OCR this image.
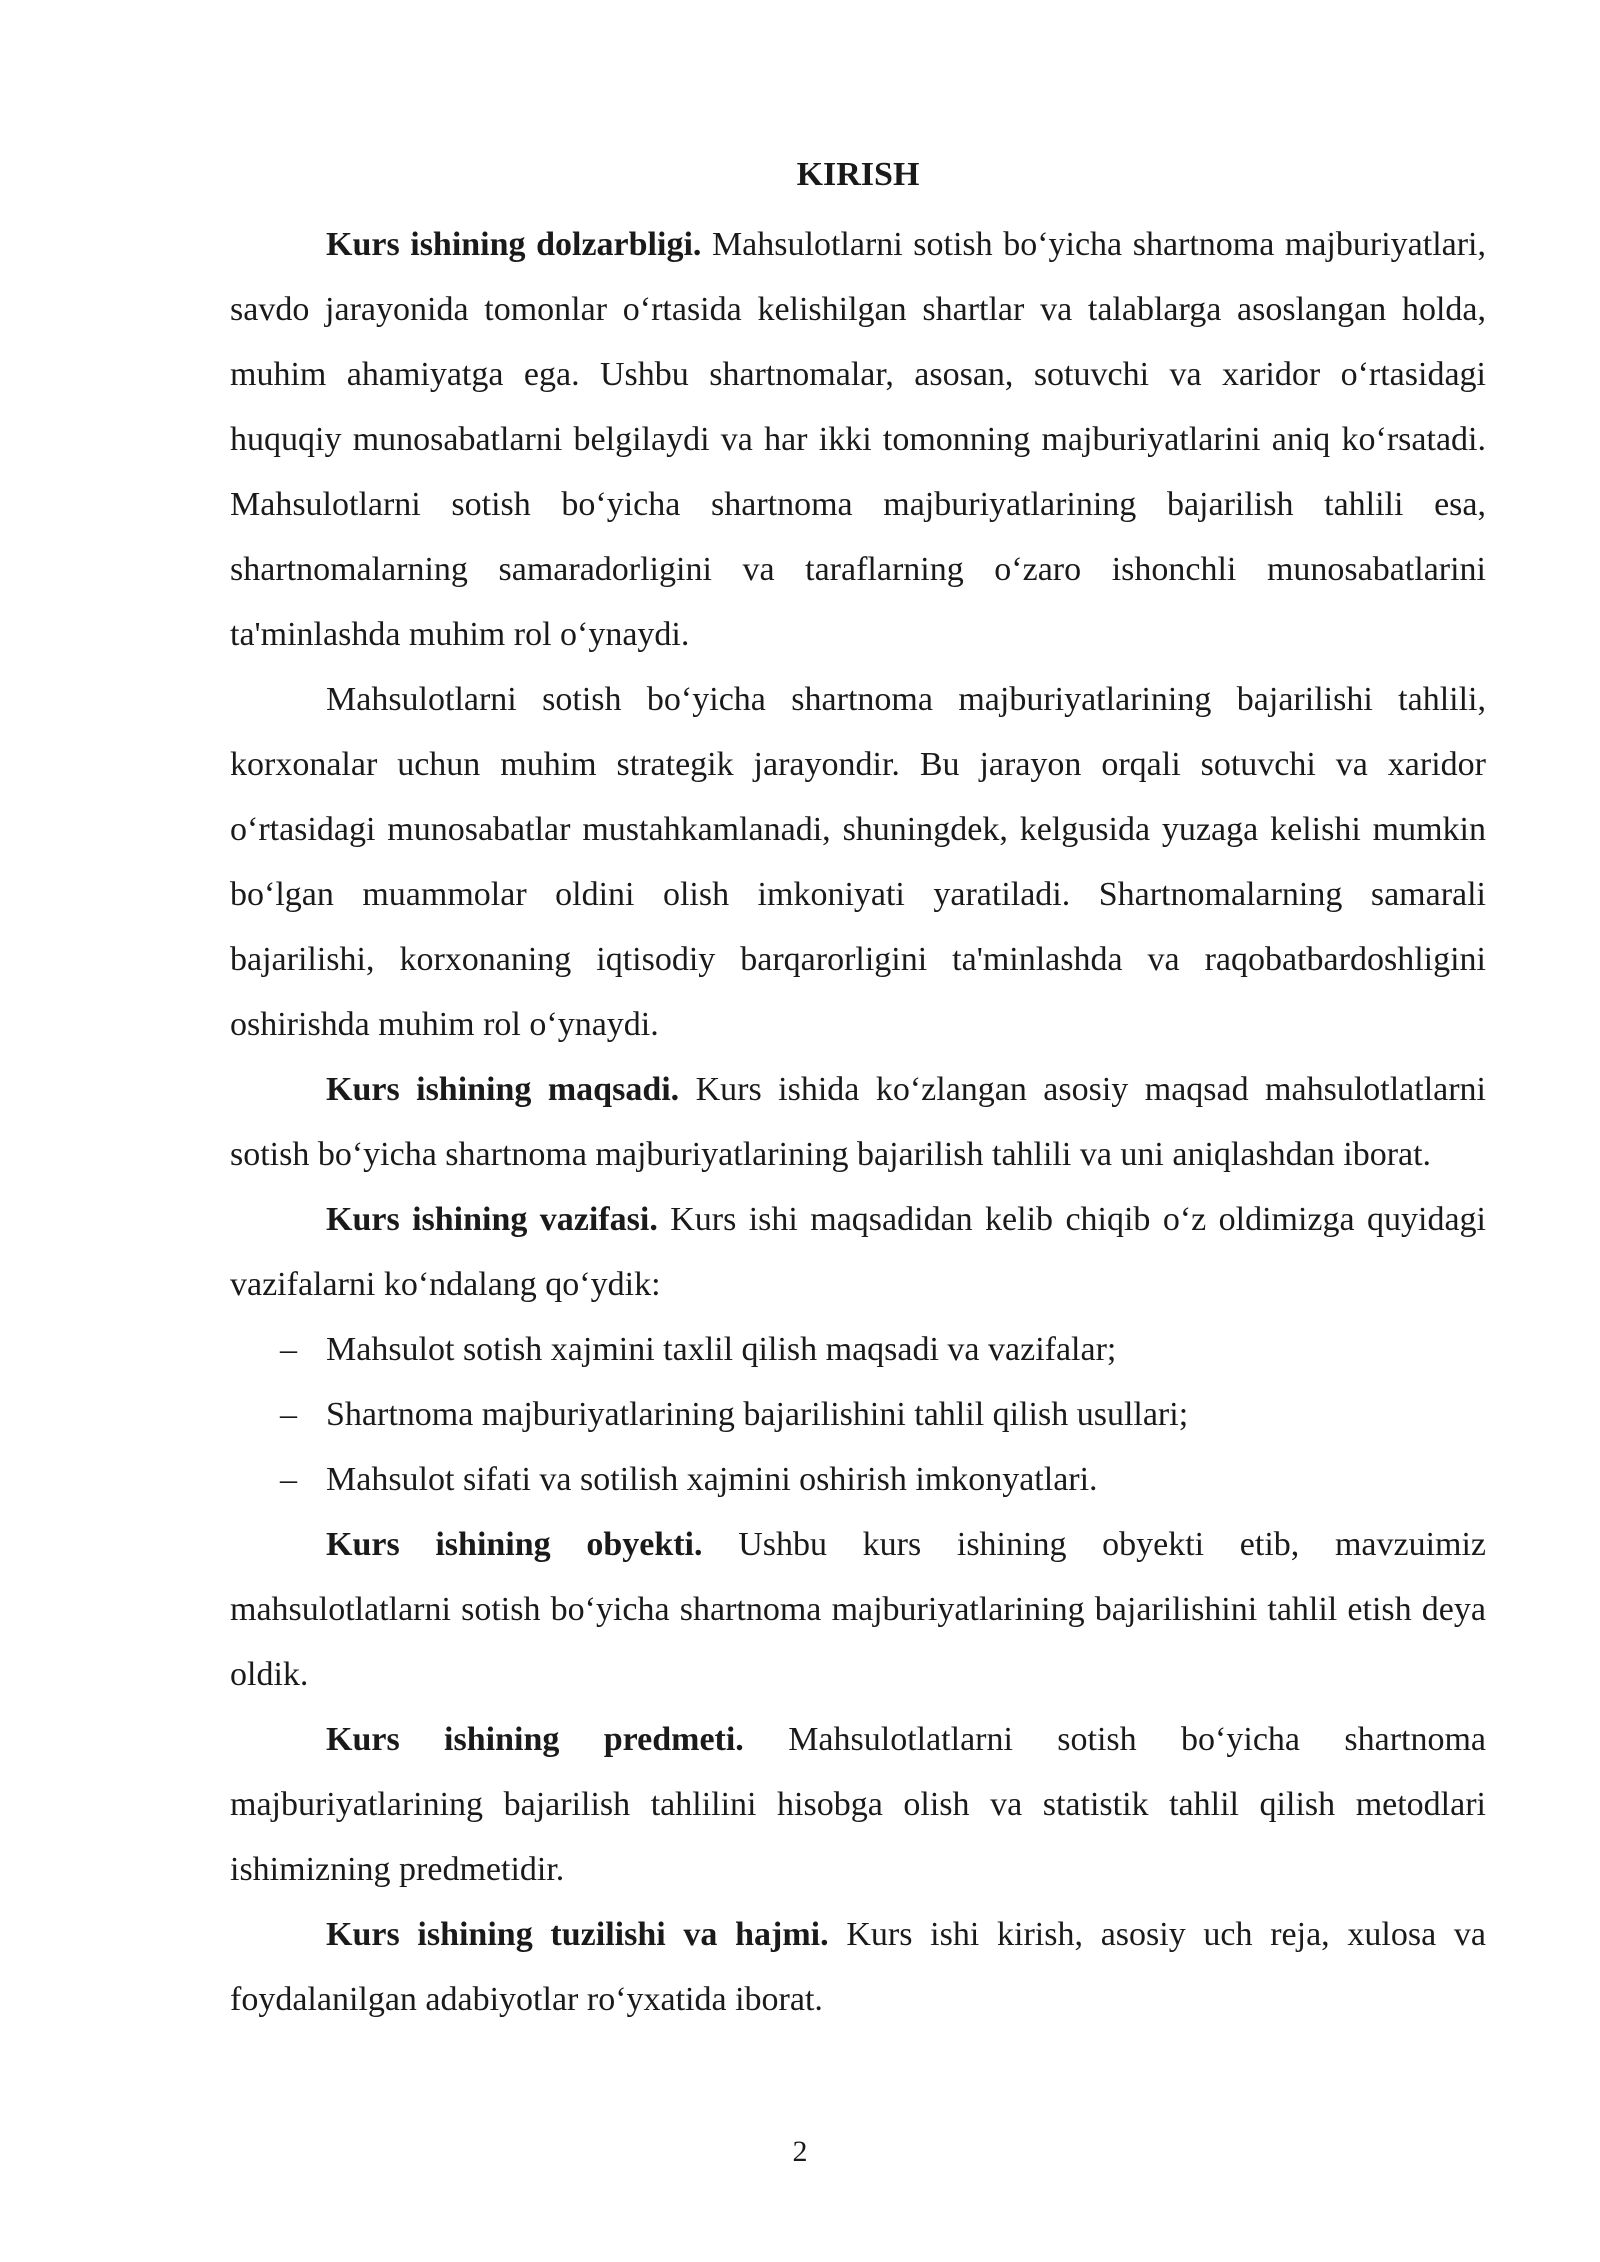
KIRISH

Kurs ishining dolzarbligi. Mahsulotlarni sotish bo‘yicha shartnoma majburiyatlari, savdo jarayonida tomonlar o‘rtasida kelishilgan shartlar va talablarga asoslangan holda, muhim ahamiyatga ega. Ushbu shartnomalar, asosan, sotuvchi va xaridor o‘rtasidagi huquqiy munosabatlarni belgilaydi va har ikki tomonning majburiyatlarini aniq ko‘rsatadi. Mahsulotlarni sotish bo‘yicha shartnoma majburiyatlarining bajarilish tahlili esa, shartnomalarning samaradorligini va taraflarning o‘zaro ishonchli munosabatlarini ta'minlashda muhim rol o‘ynaydi.

Mahsulotlarni sotish bo‘yicha shartnoma majburiyatlarining bajarilishi tahlili, korxonalar uchun muhim strategik jarayondir. Bu jarayon orqali sotuvchi va xaridor o‘rtasidagi munosabatlar mustahkamlanadi, shuningdek, kelgusida yuzaga kelishi mumkin bo‘lgan muammolar oldini olish imkoniyati yaratiladi. Shartnomalarning samarali bajarilishi, korxonaning iqtisodiy barqarorligini ta'minlashda va raqobatbardoshligini oshirishda muhim rol o‘ynaydi.

Kurs ishining maqsadi. Kurs ishida ko‘zlangan asosiy maqsad mahsulotlatlarni sotish bo‘yicha shartnoma majburiyatlarining bajarilish tahlili va uni aniqlashdan iborat.

Kurs ishining vazifasi. Kurs ishi maqsadidan kelib chiqib o‘z oldimizga quyidagi vazifalarni ko‘ndalang qo‘ydik:

– Mahsulot sotish xajmini taxlil qilish maqsadi va vazifalar;
– Shartnoma majburiyatlarining bajarilishini tahlil qilish usullari;
– Mahsulot sifati va sotilish xajmini oshirish imkonyatlari.

Kurs ishining obyekti. Ushbu kurs ishining obyekti etib, mavzuimiz mahsulotlatlarni sotish bo‘yicha shartnoma majburiyatlarining bajarilishini tahlil etish deya oldik.

Kurs ishining predmeti. Mahsulotlatlarni sotish bo‘yicha shartnoma majburiyatlarining bajarilish tahlilini hisobga olish va statistik tahlil qilish metodlari ishimizning predmetidir.

Kurs ishining tuzilishi va hajmi. Kurs ishi kirish, asosiy uch reja, xulosa va foydalanilgan adabiyotlar ro‘yxatida iborat.

2
